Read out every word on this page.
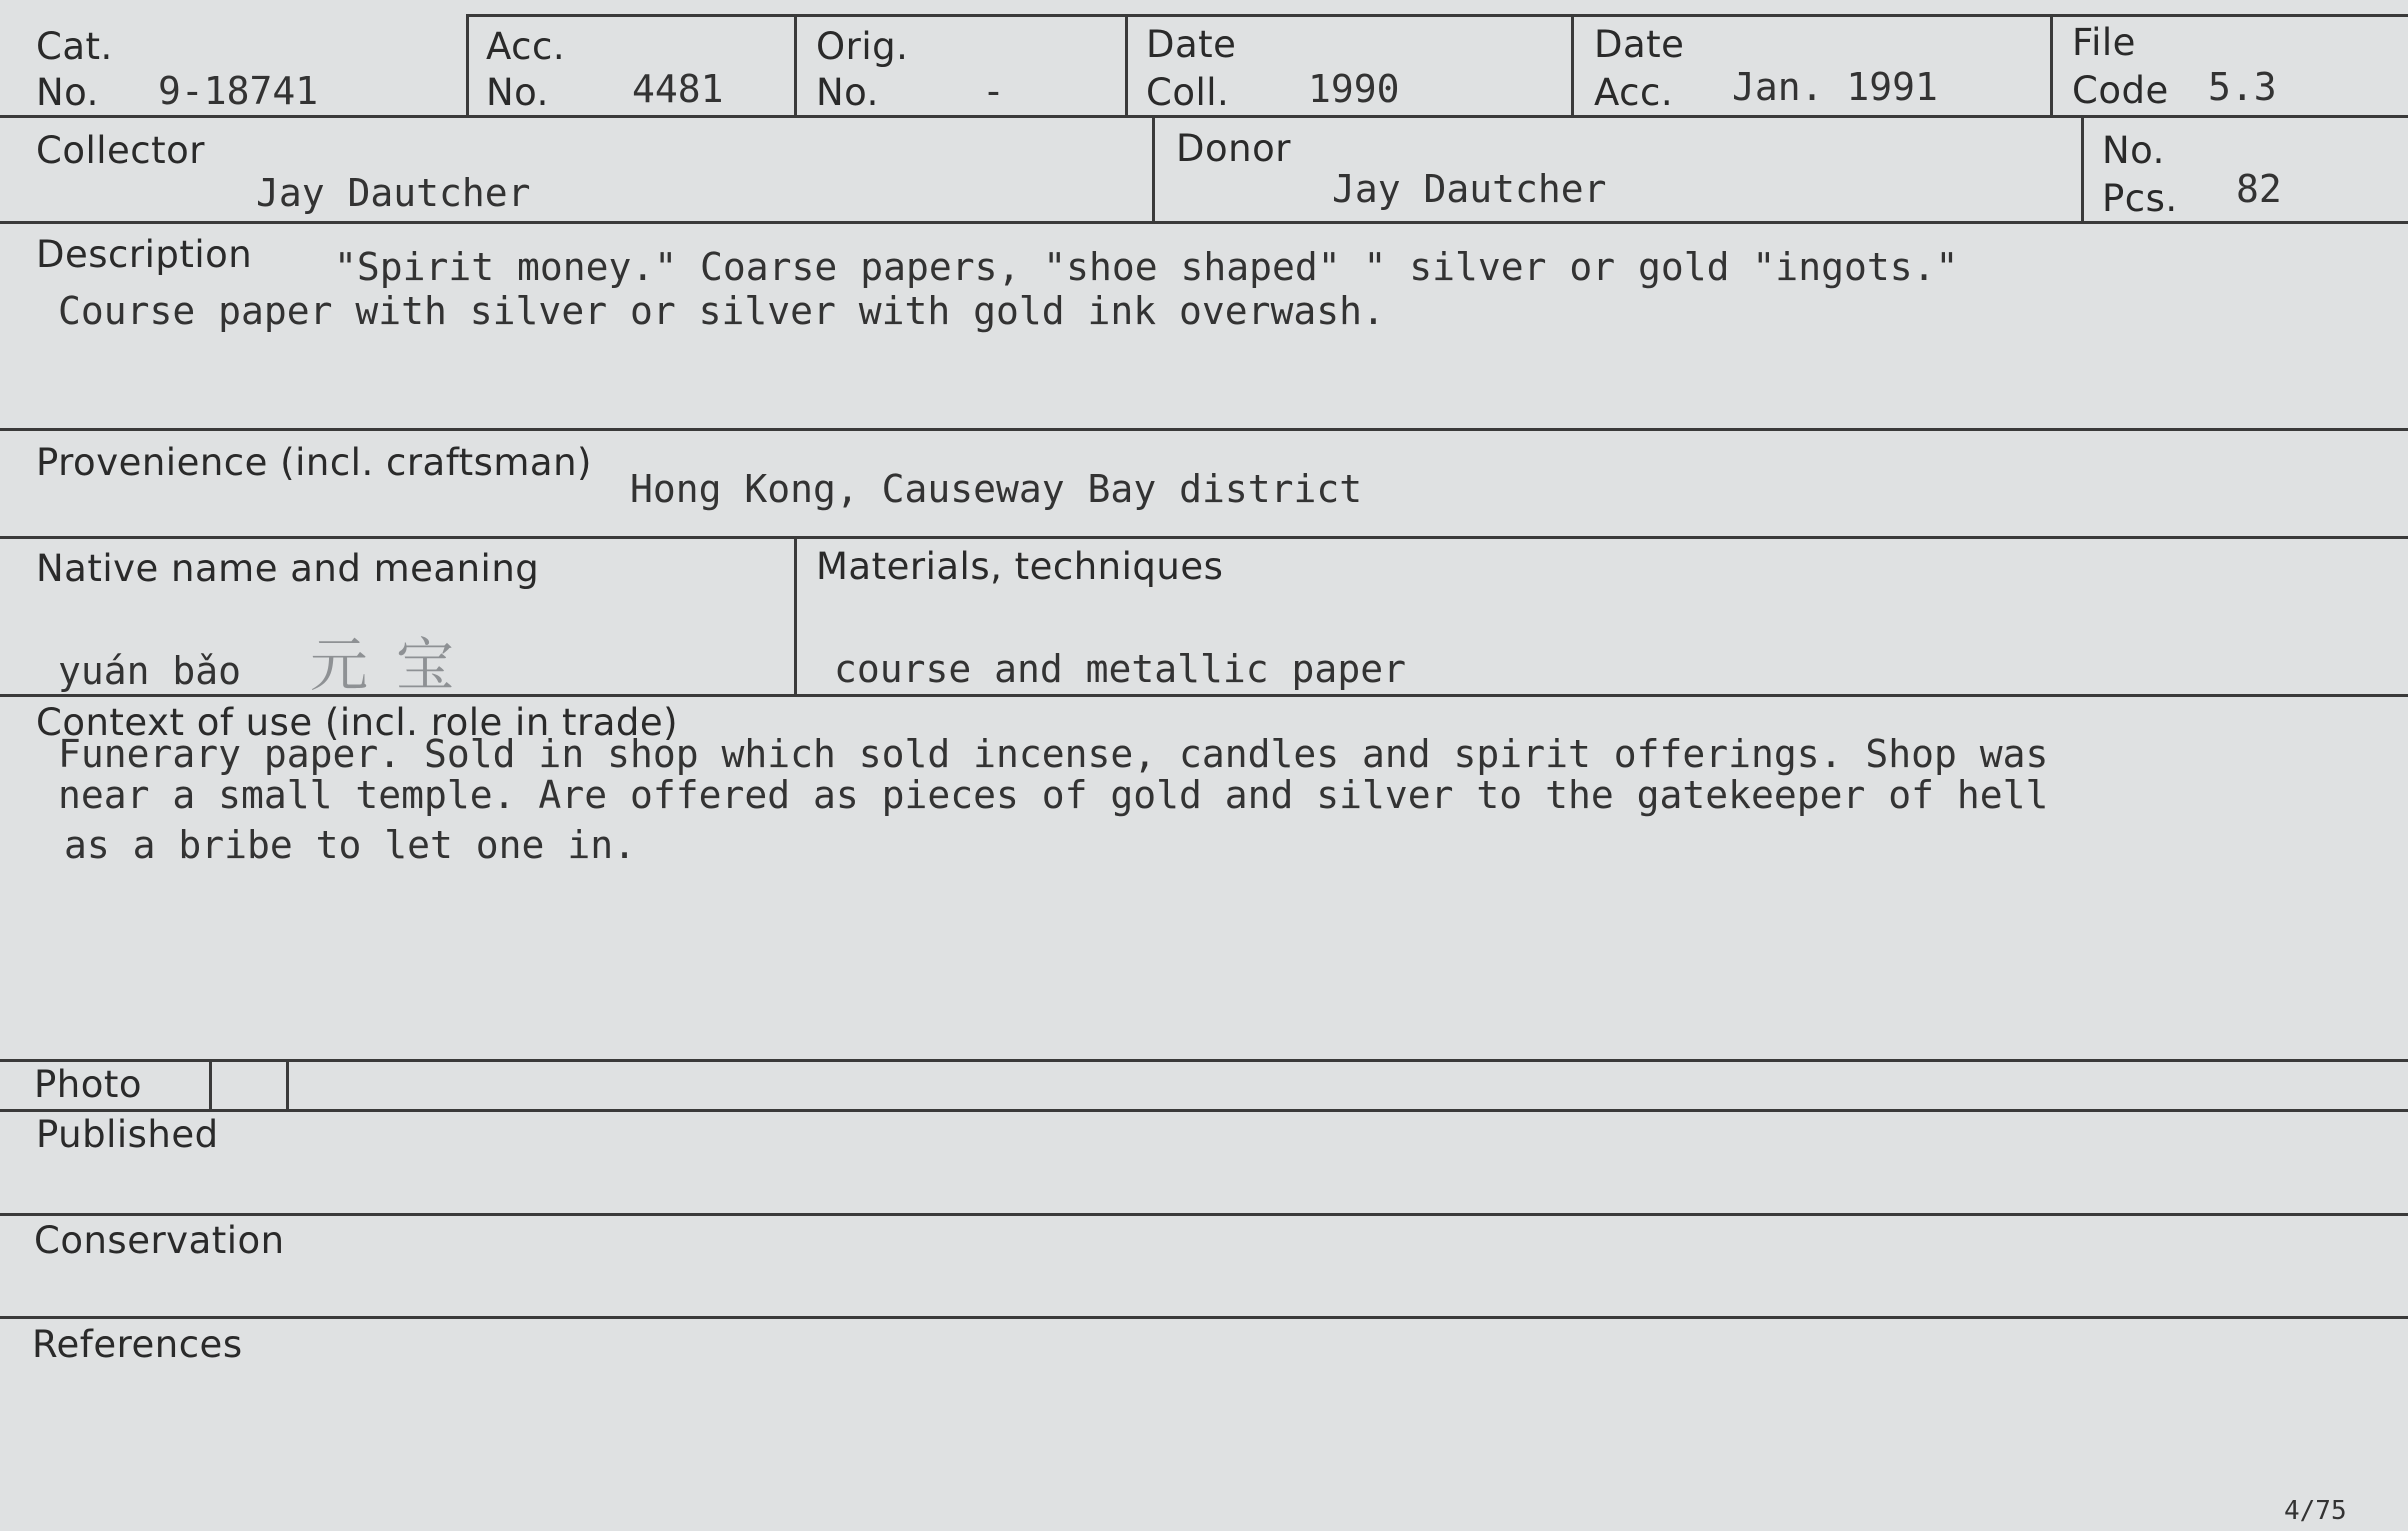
Cat.
No. 9-18741
Acc.
No. 4481
Orig.
No.	-
Date
Coll. 1990
Date
Acc. Jan. 1991
File
Code 5.3
Collector
Jay Dautcher
Donor
Jay Dautcher
No.
Pcs. 82
Description "Spirit money." Coarse papers, "shoe shaped" " silver or gold "ingots."
Course paper with silver or silver with gold ink overwash.
Provenience (incl. craftsman)
Hong Kong, Causeway Bay district
Native name and meaning
yuán bǎo 元宝
Materials, techniques
course and metallic paper
Context of use (incl. role in trade)
Funerary paper. Sold in shop which sold incense, candles and spirit offerings. Shop was
near a small temple. Are offered as pieces of gold and silver to the gatekeeper of hell
as a bribe to let one in.
Photo
Published
Conservation
References
4/75
